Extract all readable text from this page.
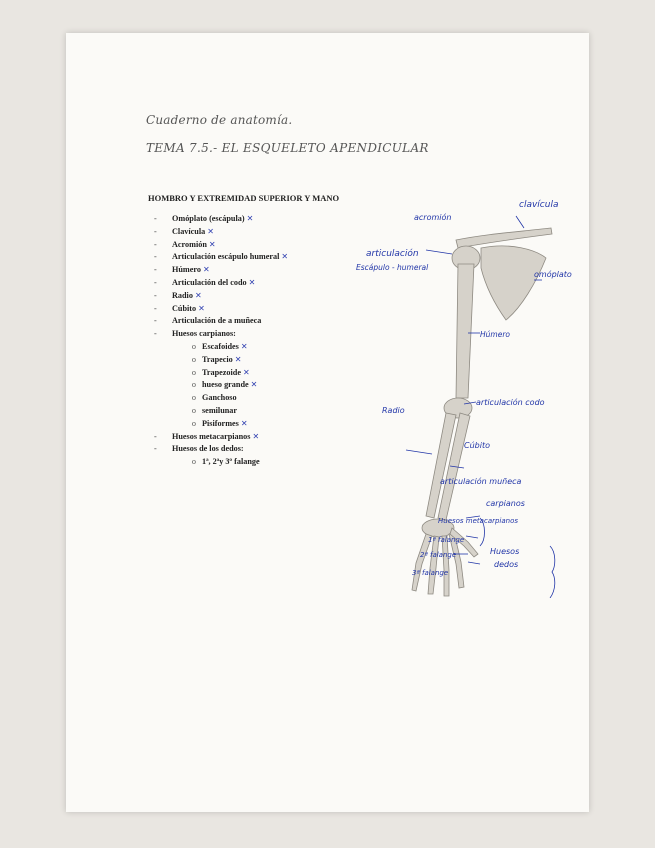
Cuaderno de anatomía.
TEMA 7.5.- EL ESQUELETO APENDICULAR
HOMBRO Y EXTREMIDAD SUPERIOR Y MANO
- Omóplato (escápula) ✕
- Clavícula ✕
- Acromión ✕
- Articulación escápulo humeral ✕
- Húmero ✕
- Articulación del codo ✕
- Radio ✕
- Cúbito ✕
- Articulación de a muñeca
- Huesos carpianos:
o Escafoides ✕
o Trapecio ✕
o Trapezoide ✕
o hueso grande ✕
o Ganchoso
o semilunar
o Pisiformes ✕
- Huesos metacarpianos ✕
- Huesos de los dedos:
o 1ª, 2ªy 3º falange
clavícula
acromión
articulación
Escápulo - humeral
omóplato
Húmero
articulación codo
Radio
Cúbito
articulación muñeca
carpianos
Huesos metacarpianos
1ª falange
2ª falange
3ª falange
Huesos
dedos
